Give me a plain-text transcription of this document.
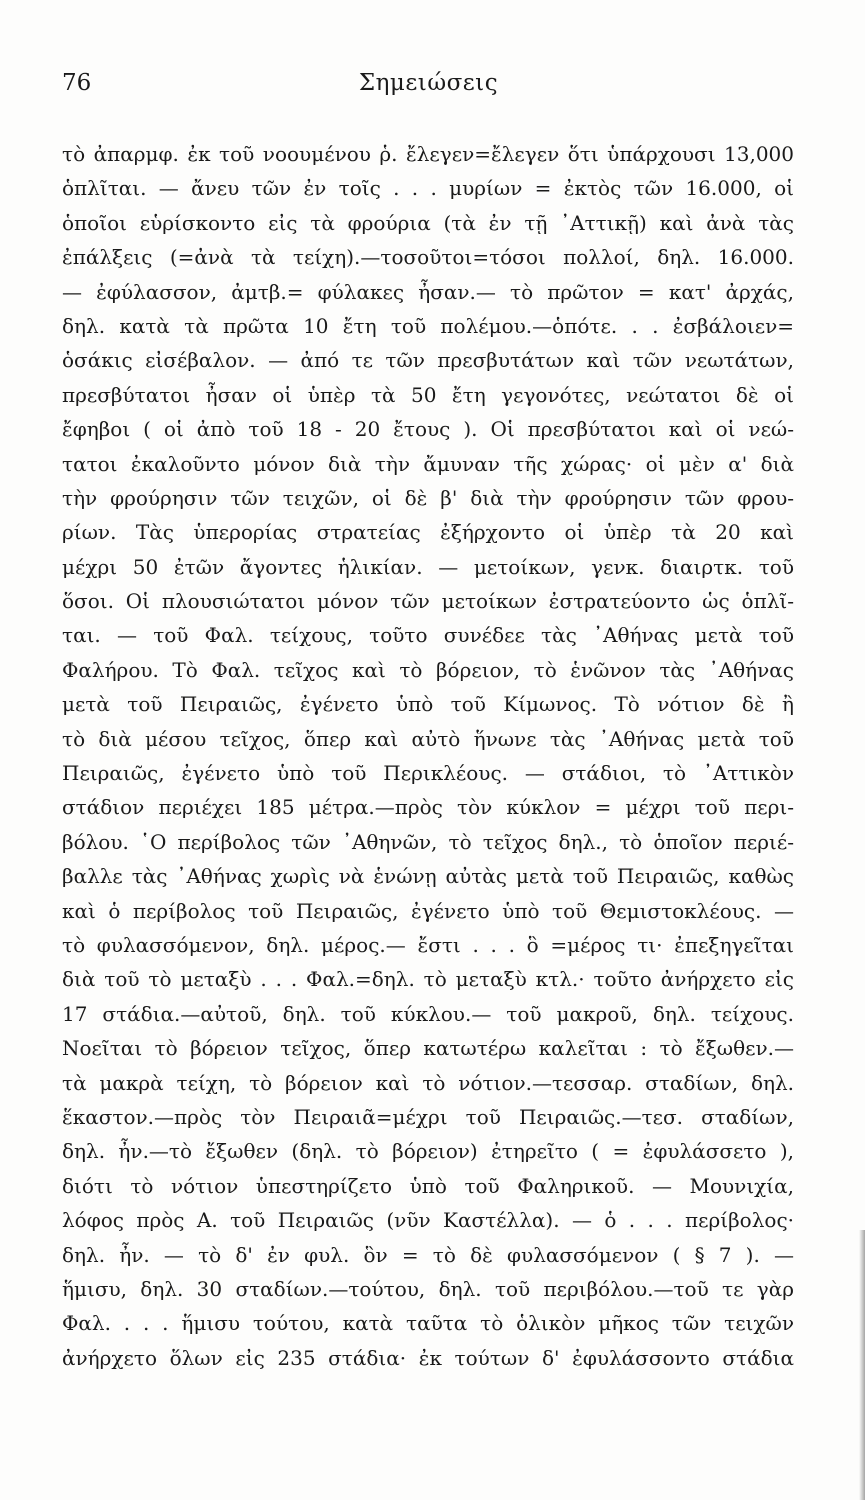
76	Σημειώσεις
τὸ ἀπαρμφ. ἐκ τοῦ νοουμένου ῥ. ἔλεγεν=ἔλεγεν ὅτι ὑπάρχουσι 13,000
ὁπλῖται. — ἄνευ τῶν ἐν τοῖς . . . μυρίων = ἐκτὸς τῶν 16.000, οἱ
ὁποῖοι εὑρίσκοντο εἰς τὰ φρούρια (τὰ ἐν τῇ ᾿Αττικῇ) καὶ ἀνὰ τὰς
ἐπάλξεις (=ἀνὰ τὰ τείχη).—τοσοῦτοι=τόσοι πολλοί, δηλ. 16.000.
— ἐφύλασσον, ἀμτβ.= φύλακες ἦσαν.— τὸ πρῶτον = κατ' ἀρχάς,
δηλ. κατὰ τὰ πρῶτα 10 ἔτη τοῦ πολέμου.—ὁπότε. . . ἐσβάλοιεν=
ὁσάκις εἰσέβαλον. — ἀπό τε τῶν πρεσβυτάτων καὶ τῶν νεωτάτων,
πρεσβύτατοι ἦσαν οἱ ὑπὲρ τὰ 50 ἔτη γεγονότες, νεώτατοι δὲ οἱ
ἔφηβοι ( οἱ ἀπὸ τοῦ 18 - 20 ἔτους ). Οἱ πρεσβύτατοι καὶ οἱ νεώ-
τατοι ἐκαλοῦντο μόνον διὰ τὴν ἄμυναν τῆς χώρας· οἱ μὲν α' διὰ
τὴν φρούρησιν τῶν τειχῶν, οἱ δὲ β' διὰ τὴν φρούρησιν τῶν φρου-
ρίων. Τὰς ὑπερορίας στρατείας ἐξήρχοντο οἱ ὑπὲρ τὰ 20 καὶ
μέχρι 50 ἐτῶν ἄγοντες ἡλικίαν. — μετοίκων, γενκ. διαιρτκ. τοῦ
ὅσοι. Οἱ πλουσιώτατοι μόνον τῶν μετοίκων ἐστρατεύοντο ὡς ὁπλῖ-
ται. — τοῦ Φαλ. τείχους, τοῦτο συνέδεε τὰς ᾿Αθήνας μετὰ τοῦ
Φαλήρου. Τὸ Φαλ. τεῖχος καὶ τὸ βόρειον, τὸ ἑνῶνον τὰς ᾿Αθήνας
μετὰ τοῦ Πειραιῶς, ἐγένετο ὑπὸ τοῦ Κίμωνος. Τὸ νότιον δὲ ἢ
τὸ διὰ μέσου τεῖχος, ὅπερ καὶ αὐτὸ ἥνωνε τὰς ᾿Αθήνας μετὰ τοῦ
Πειραιῶς, ἐγένετο ὑπὸ τοῦ Περικλέους. — στάδιοι, τὸ ᾿Αττικὸν
στάδιον περιέχει 185 μέτρα.—πρὸς τὸν κύκλον = μέχρι τοῦ περι-
βόλου. ῾Ο περίβολος τῶν ᾿Αθηνῶν, τὸ τεῖχος δηλ., τὸ ὁποῖον περιέ-
βαλλε τὰς ᾿Αθήνας χωρὶς νὰ ἑνώνῃ αὐτὰς μετὰ τοῦ Πειραιῶς, καθὼς
καὶ ὁ περίβολος τοῦ Πειραιῶς, ἐγένετο ὑπὸ τοῦ Θεμιστοκλέους. —
τὸ φυλασσόμενον, δηλ. μέρος.— ἔστι . . . ὃ =μέρος τι· ἐπεξηγεῖται
διὰ τοῦ τὸ μεταξὺ . . . Φαλ.=δηλ. τὸ μεταξὺ κτλ.· τοῦτο ἀνήρχετο εἰς
17 στάδια.—αὐτοῦ, δηλ. τοῦ κύκλου.— τοῦ μακροῦ, δηλ. τείχους.
Νοεῖται τὸ βόρειον τεῖχος, ὅπερ κατωτέρω καλεῖται : τὸ ἔξωθεν.—
τὰ μακρὰ τείχη, τὸ βόρειον καὶ τὸ νότιον.—τεσσαρ. σταδίων, δηλ.
ἕκαστον.—πρὸς τὸν Πειραιᾶ=μέχρι τοῦ Πειραιῶς.—τεσ. σταδίων,
δηλ. ἦν.—τὸ ἔξωθεν (δηλ. τὸ βόρειον) ἐτηρεῖτο ( = ἐφυλάσσετο ),
διότι τὸ νότιον ὑπεστηρίζετο ὑπὸ τοῦ Φαληρικοῦ. — Μουνιχία,
λόφος πρὸς Α. τοῦ Πειραιῶς (νῦν Καστέλλα). — ὁ . . . περίβολος·
δηλ. ἦν. — τὸ δ' ἐν φυλ. ὃν = τὸ δὲ φυλασσόμενον ( § 7 ). —
ἥμισυ, δηλ. 30 σταδίων.—τούτου, δηλ. τοῦ περιβόλου.—τοῦ τε γὰρ
Φαλ. . . . ἥμισυ τούτου, κατὰ ταῦτα τὸ ὁλικὸν μῆκος τῶν τειχῶν
ἀνήρχετο ὅλων εἰς 235 στάδια· ἐκ τούτων δ' ἐφυλάσσοντο στάδια
